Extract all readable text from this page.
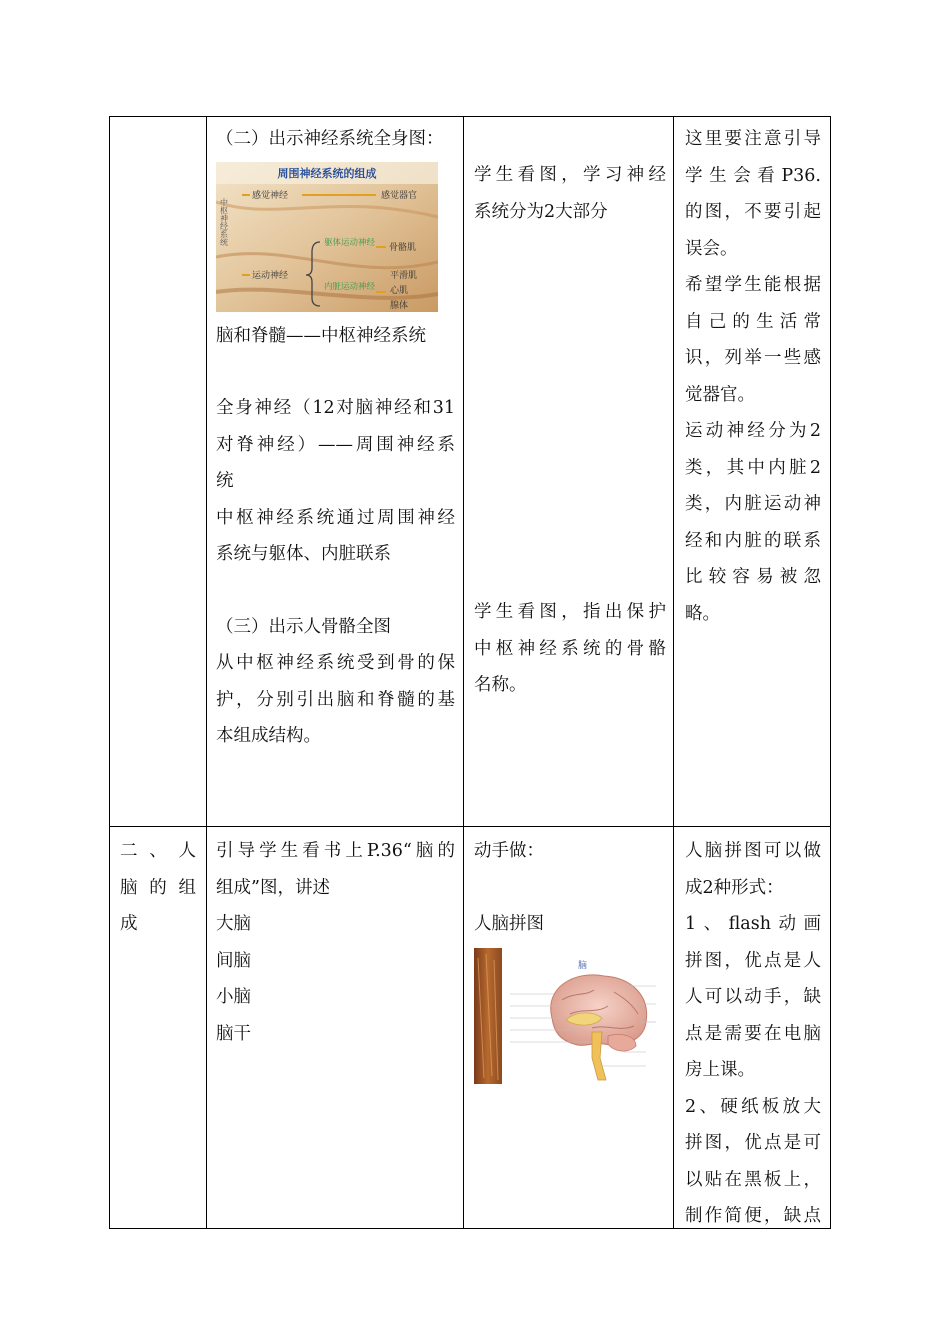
（二）出示神经系统全身图：

周围神经系统的组成
中枢神经系统
感觉神经	感觉器官
运动神经
躯体运动神经 骨骼肌
内脏运动神经
平滑肌
心肌
腺体

脑和脊髓——中枢神经系统

全身神经（12对脑神经和31

对脊神经）——周围神经系

统

中枢神经系统通过周围神经

系统与躯体、内脏联系

（三）出示人骨骼全图

从中枢神经系统受到骨的保

护，分别引出脑和脊髓的基

本组成结构。

学生看图，学习神经

系统分为2大部分

学生看图，指出保护

中枢神经系统的骨骼

名称。

这里要注意引导

学生会看P36.

的图，不要引起

误会。

希望学生能根据

自己的生活常

识，列举一些感

觉器官。

运动神经分为2

类，其中内脏2

类，内脏运动神

经和内脏的联系

比较容易被忽

略。

二、人

脑的组

成

引导学生看书上P.36“脑的

组成”图，讲述

大脑

间脑

小脑

脑干

动手做：

人脑拼图

脑

人脑拼图可以做

成2种形式：

1、flash动画

拼图，优点是人

人可以动手，缺

点是需要在电脑

房上课。

2、硬纸板放大

拼图，优点是可

以贴在黑板上，

制作简便，缺点
